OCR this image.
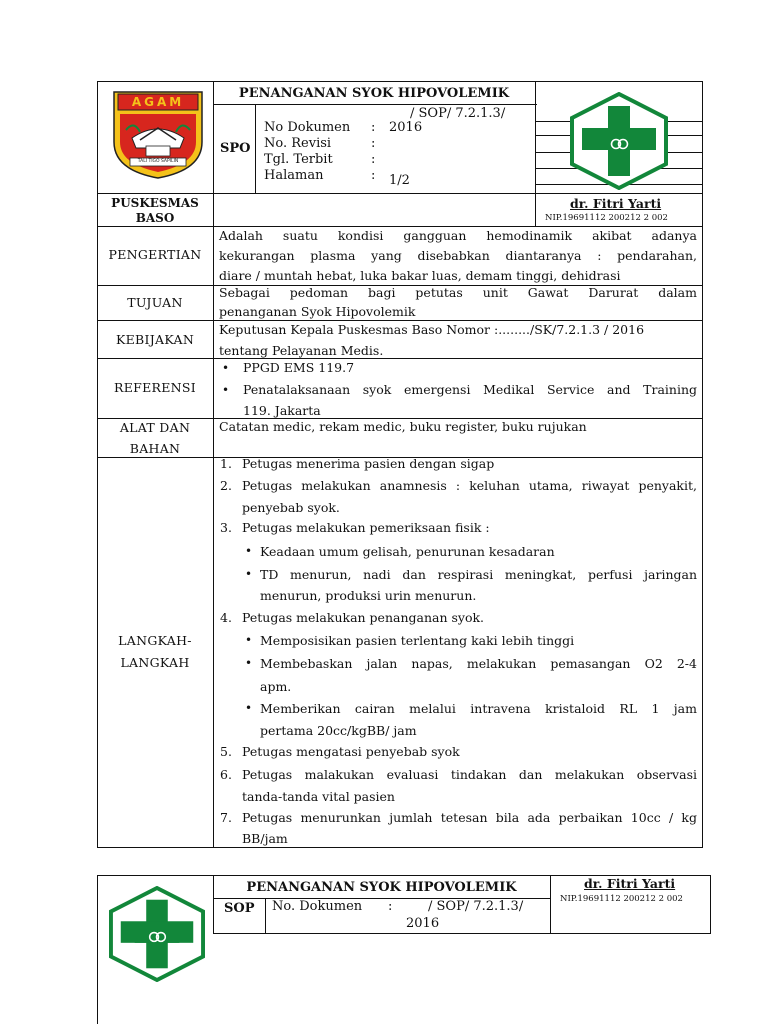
AGAM
TALI TIGO SAPILIN
PENANGANAN SYOK HIPOVOLEMIK
SPO
/ SOP/ 7.2.1.3/
No Dokumen
No. Revisi
Tgl. Terbit
Halaman
:
:
:
:
2016
1/2
PUSKESMAS
BASO
dr. Fitri Yarti
NIP.19691112 200212 2 002
PENGERTIAN
Adalah suatu kondisi gangguan hemodinamik akibat adanya
kekurangan plasma yang disebabkan diantaranya : pendarahan,
diare / muntah hebat, luka bakar luas, demam tinggi, dehidrasi
TUJUAN
Sebagai pedoman bagi petutas unit Gawat Darurat dalam
penanganan Syok Hipovolemik
KEBIJAKAN
Keputusan Kepala Puskesmas Baso Nomor :......../SK/7.2.1.3 / 2016
tentang Pelayanan Medis.
REFERENSI
• PPGD EMS 119.7
• Penatalaksanaan syok emergensi Medikal Service and Training
119. Jakarta
ALAT DAN
BAHAN
Catatan medic, rekam medic, buku register, buku rujukan
LANGKAH-
LANGKAH
1.
2.
3.
4.
5.
6.
7.
Petugas menerima pasien dengan sigap
Petugas melakukan anamnesis : keluhan utama, riwayat penyakit,
penyebab syok.
Petugas melakukan pemeriksaan fisik :
• Keadaan umum gelisah, penurunan kesadaran
• TD menurun, nadi dan respirasi meningkat, perfusi jaringan
menurun, produksi urin menurun.
Petugas melakukan penanganan syok.
• Memposisikan pasien terlentang kaki lebih tinggi
• Membebaskan jalan napas, melakukan pemasangan O2 2-4
apm.
• Memberikan cairan melalui intravena kristaloid RL 1 jam
pertama 20cc/kgBB/ jam
Petugas mengatasi penyebab syok
Petugas malakukan evaluasi tindakan dan melakukan observasi
tanda-tanda vital pasien
Petugas menurunkan jumlah tetesan bila ada perbaikan 10cc / kg
BB/jam
PENANGANAN SYOK HIPOVOLEMIK
SOP No. Dokumen :	/ SOP/ 7.2.1.3/
2016
dr. Fitri Yarti
NIP.19691112 200212 2 002
